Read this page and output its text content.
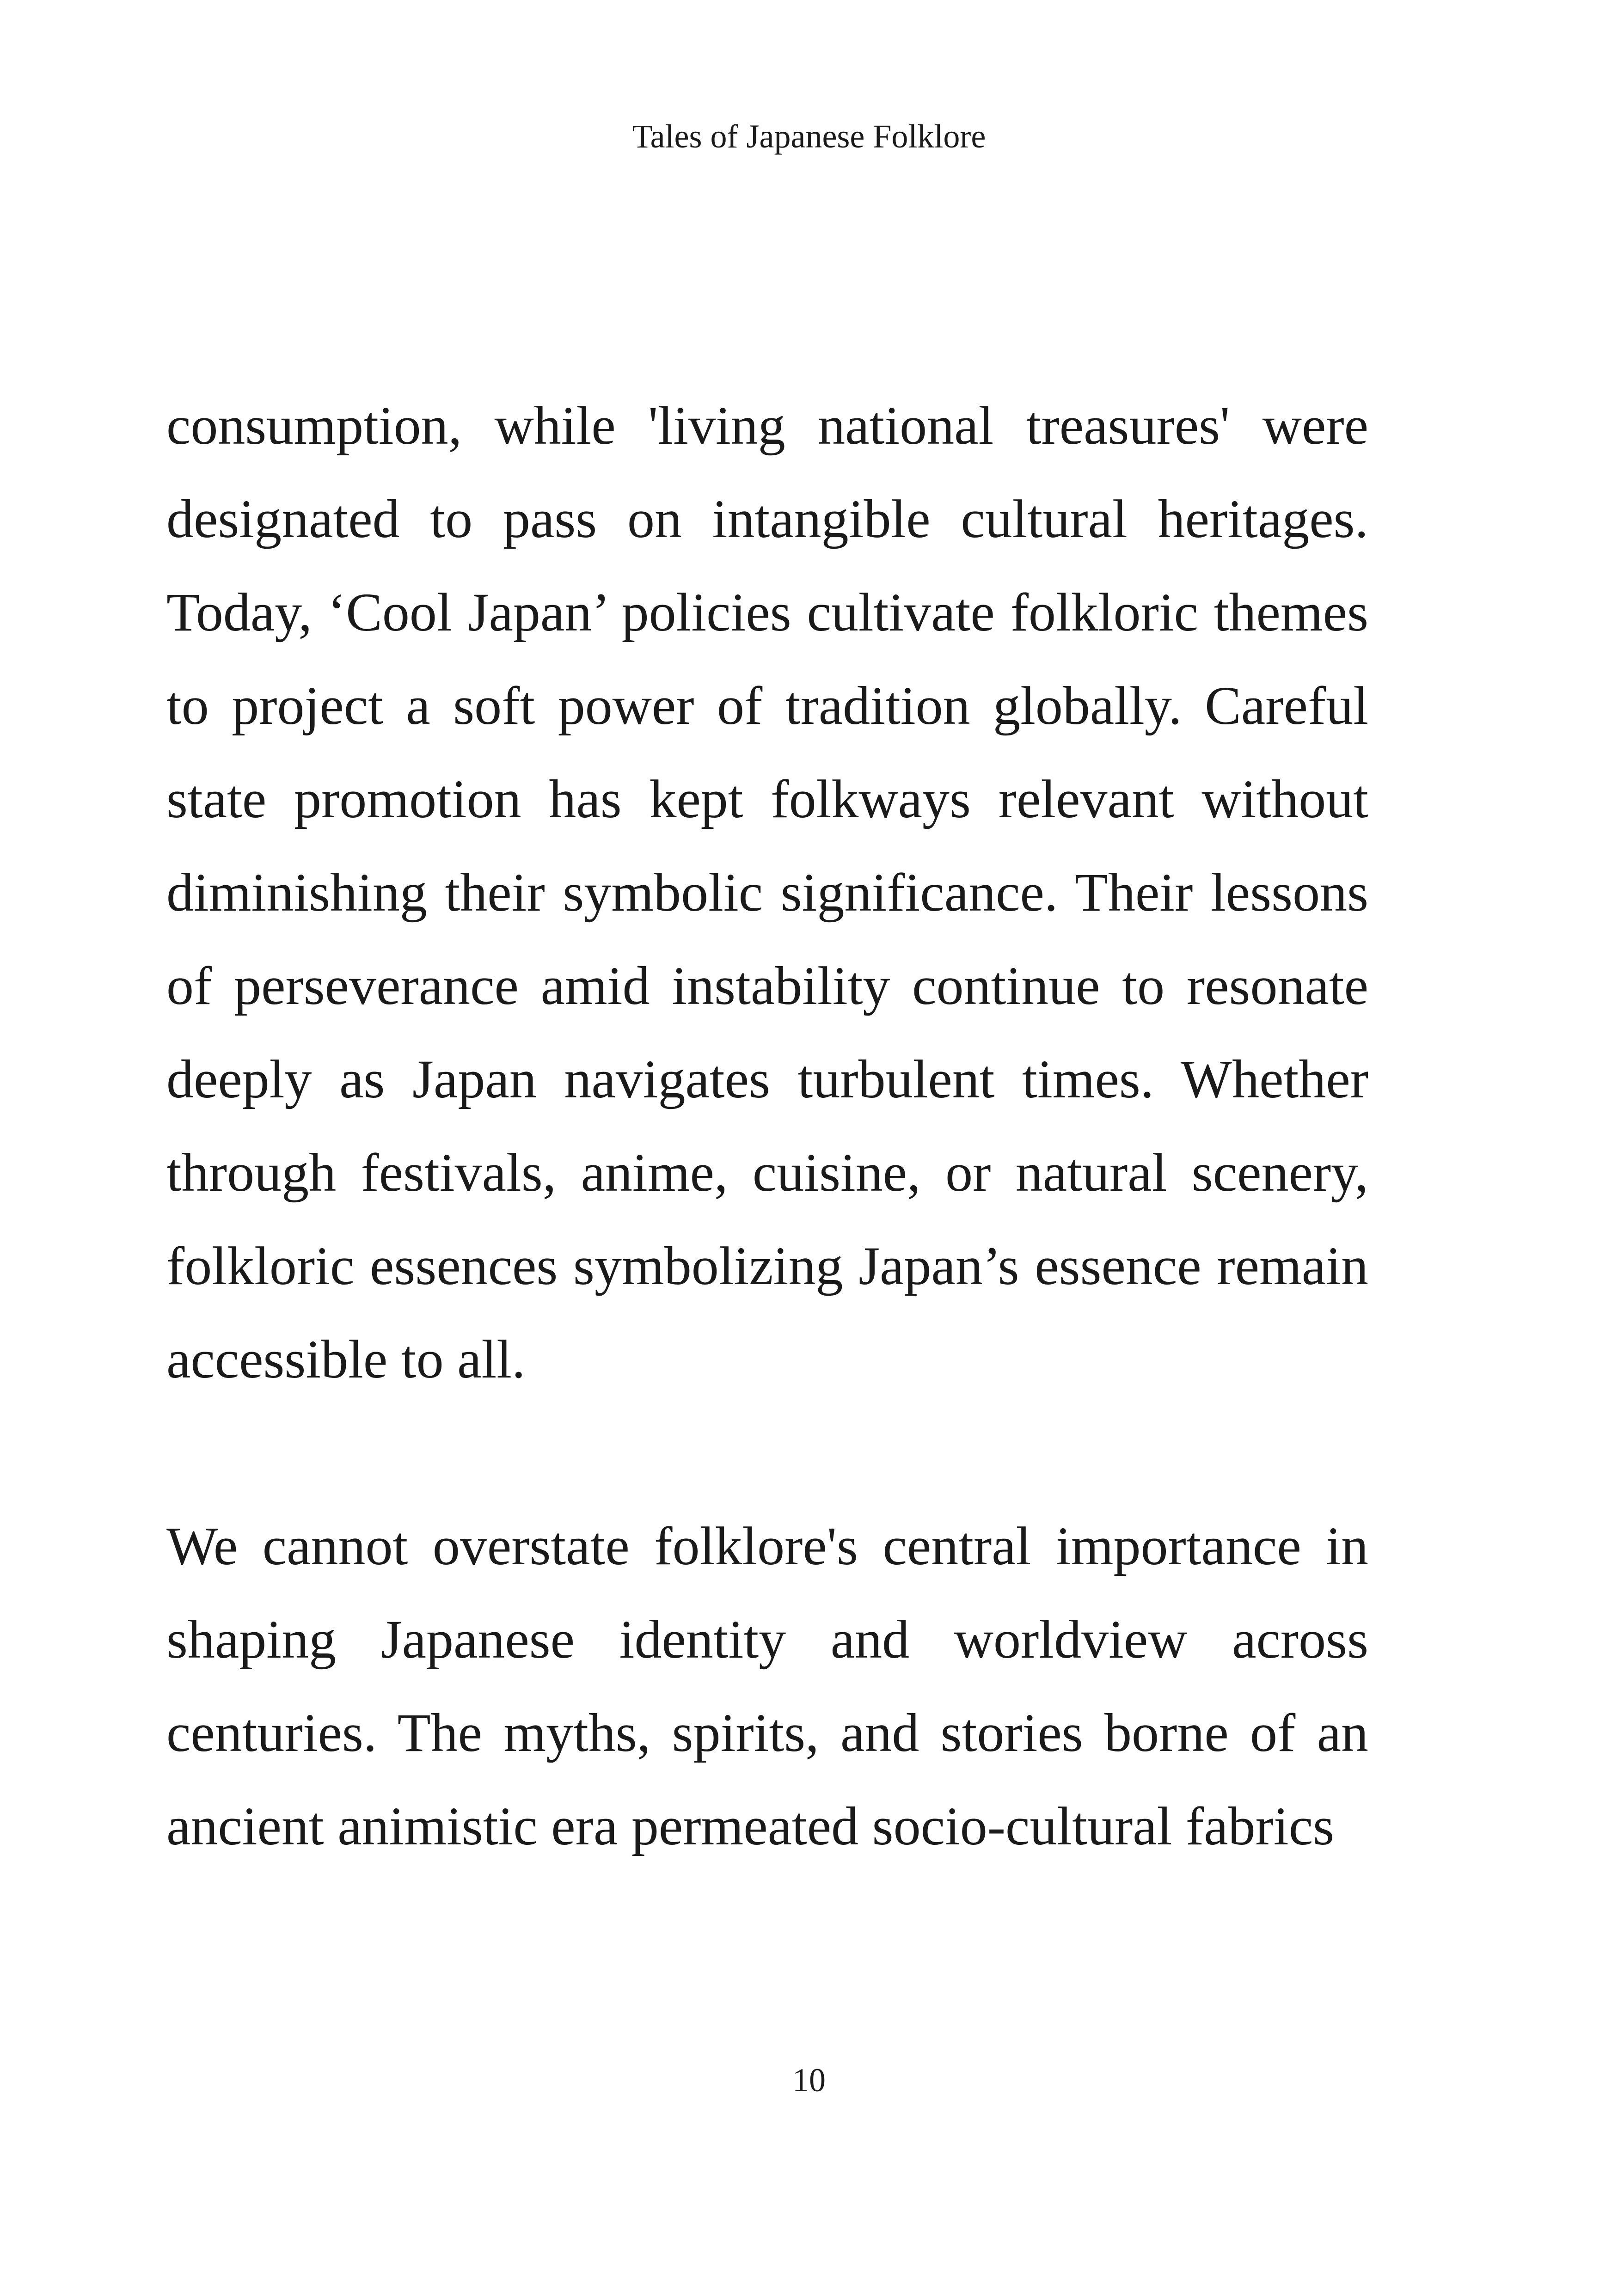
Tales of Japanese Folklore

consumption, while 'living national treasures' were designated to pass on intangible cultural heritages. Today, ‘Cool Japan’ policies cultivate folkloric themes to project a soft power of tradition globally. Careful state promotion has kept folkways relevant without diminishing their symbolic significance. Their lessons of perseverance amid instability continue to resonate deeply as Japan navigates turbulent times. Whether through festivals, anime, cuisine, or natural scenery, folkloric essences symbolizing Japan’s essence remain accessible to all.

We cannot overstate folklore's central importance in shaping Japanese identity and worldview across centuries. The myths, spirits, and stories borne of an ancient animistic era permeated socio-cultural fabrics

10
